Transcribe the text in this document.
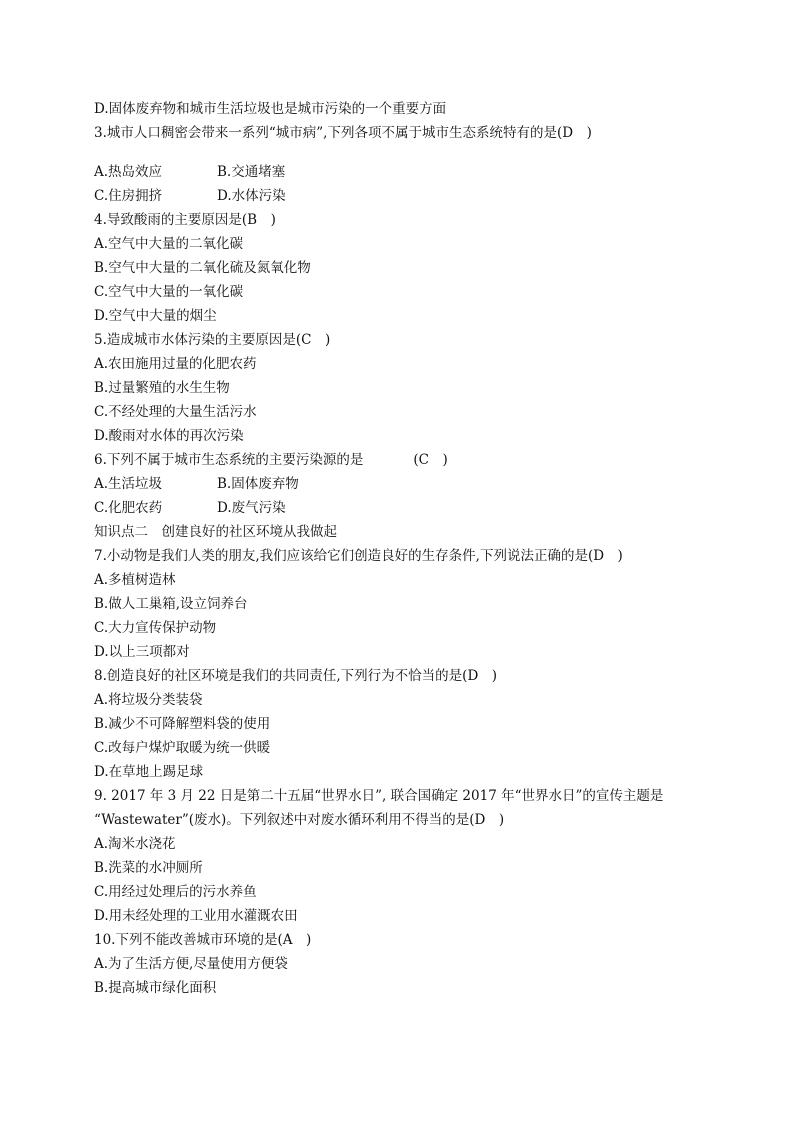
D.固体废弃物和城市生活垃圾也是城市污染的一个重要方面
3.城市人口稠密会带来一系列“城市病”,下列各项不属于城市生态系统特有的是(D　)
A.热岛效应	B.交通堵塞
C.住房拥挤	D.水体污染
4.导致酸雨的主要原因是(B　)
A.空气中大量的二氧化碳
B.空气中大量的二氧化硫及氮氧化物
C.空气中大量的一氧化碳
D.空气中大量的烟尘
5.造成城市水体污染的主要原因是(C　)
A.农田施用过量的化肥农药
B.过量繁殖的水生生物
C.不经处理的大量生活污水
D.酸雨对水体的再次污染
6.下列不属于城市生态系统的主要污染源的是	(C　)
A.生活垃圾	B.固体废弃物
C.化肥农药	D.废气污染
知识点二　创建良好的社区环境从我做起
7.小动物是我们人类的朋友,我们应该给它们创造良好的生存条件,下列说法正确的是(D　)
A.多植树造林
B.做人工巢箱,设立饲养台
C.大力宣传保护动物
D.以上三项都对
8.创造良好的社区环境是我们的共同责任,下列行为不恰当的是(D　)
A.将垃圾分类装袋
B.减少不可降解塑料袋的使用
C.改每户煤炉取暖为统一供暖
D.在草地上踢足球
9. 2017 年 3 月 22 日是第二十五届“世界水日”, 联合国确定 2017 年“世界水日”的宣传主题是
“Wastewater”(废水)。下列叙述中对废水循环利用不得当的是(D　)
A.淘米水浇花
B.洗菜的水冲厕所
C.用经过处理后的污水养鱼
D.用未经处理的工业用水灌溉农田
10.下列不能改善城市环境的是(A　)
A.为了生活方便,尽量使用方便袋
B.提高城市绿化面积
